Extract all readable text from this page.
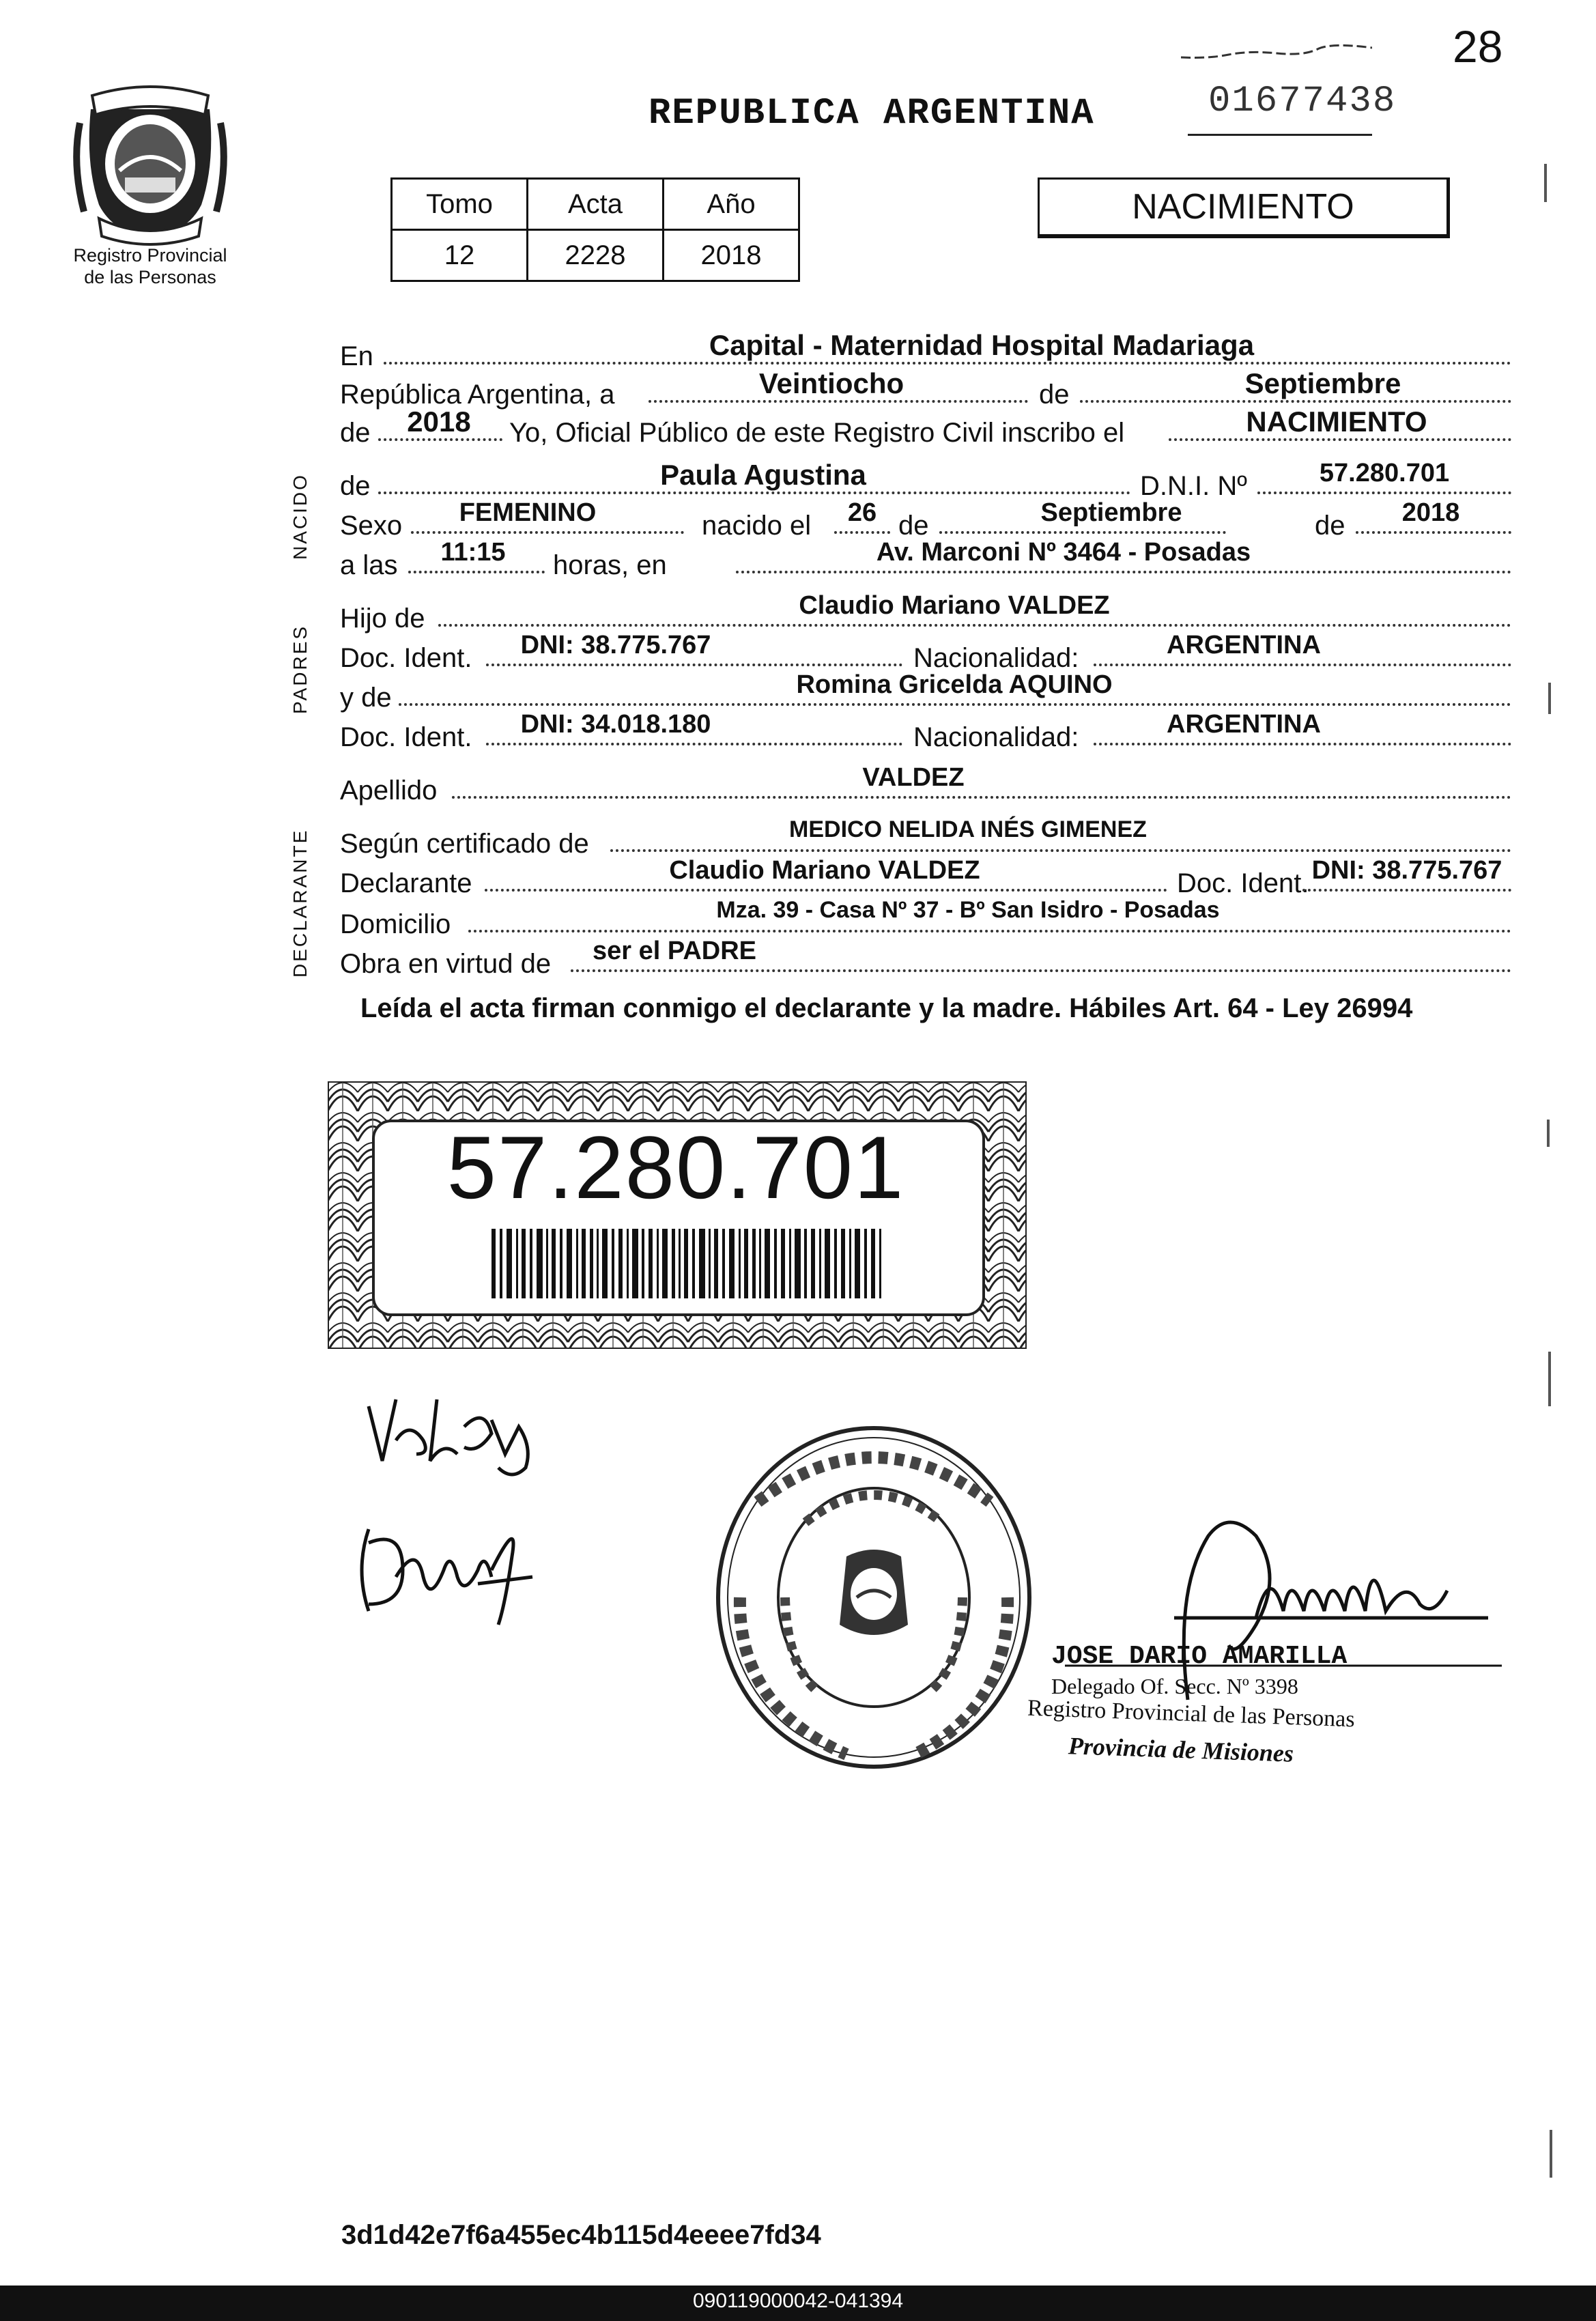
28
01677438
REPUBLICA ARGENTINA
Registro Provincial
de las Personas
Tomo	Acta	Año
12	2228	2018
NACIMIENTO
NACIDO
PADRES
DECLARANTE
En	Capital - Maternidad Hospital Madariaga
República Argentina, a	Veintiocho	de	Septiembre
de	2018	Yo, Oficial Público de este Registro Civil inscribo el	NACIMIENTO
de	Paula Agustina	D.N.I. Nº	57.280.701
Sexo	FEMENINO	nacido el	26 de	Septiembre	de	2018
a las	11:15	horas, en	Av. Marconi Nº 3464 - Posadas
Hijo de	Claudio Mariano VALDEZ
Doc. Ident.	DNI: 38.775.767	Nacionalidad:	ARGENTINA
y de	Romina Gricelda AQUINO
Doc. Ident.	DNI: 34.018.180	Nacionalidad:	ARGENTINA
Apellido	VALDEZ
Según certificado de	MEDICO NELIDA INÉS GIMENEZ
Declarante	Claudio Mariano VALDEZ	Doc. Ident. DNI: 38.775.767
Domicilio	Mza. 39 - Casa Nº 37 - Bº San Isidro - Posadas
Obra en virtud de	ser el PADRE
Leída el acta firman conmigo el declarante y la madre. Hábiles Art. 64 - Ley 26994
57.280.701
JOSE DARIO AMARILLA
Delegado Of. Secc. Nº 3398
Registro Provincial de las Personas
Provincia de Misiones
3d1d42e7f6a455ec4b115d4eeee7fd34
090119000042-041394
